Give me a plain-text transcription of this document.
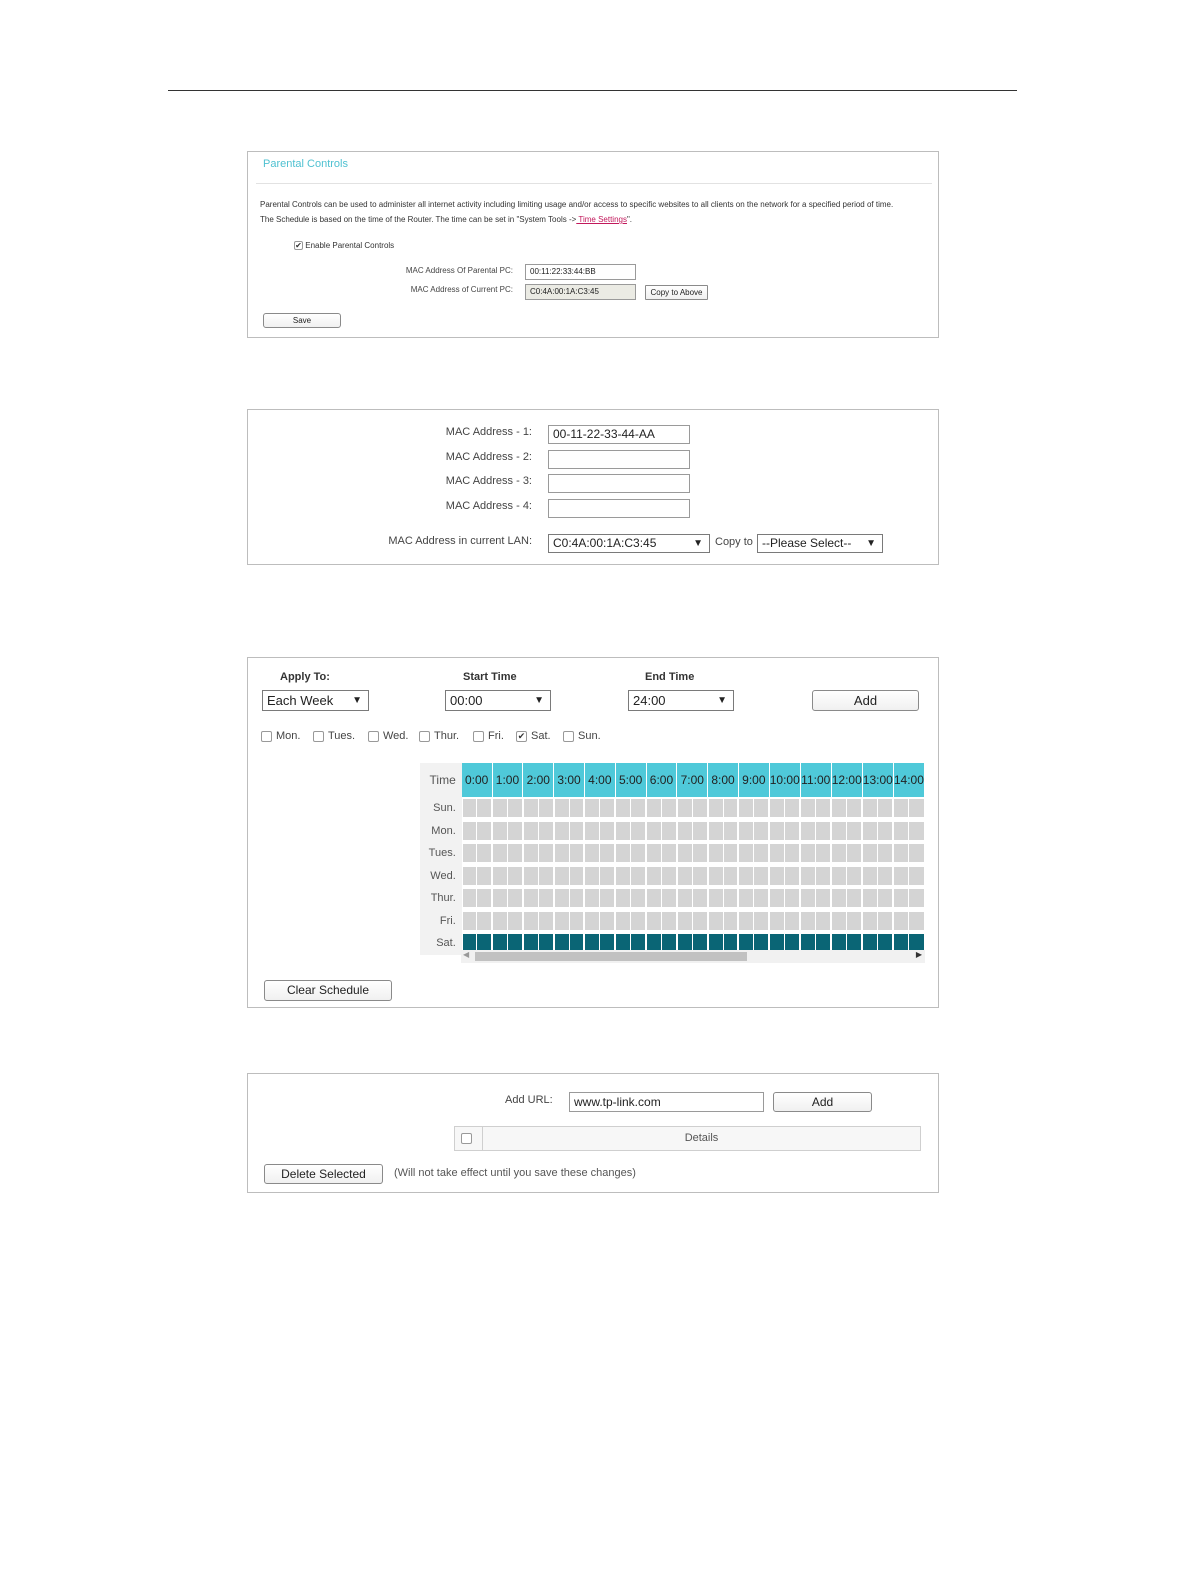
Parental Controls
Parental Controls can be used to administer all internet activity including limiting usage and/or access to specific websites to all clients on the network for a specified period of time.
The Schedule is based on the time of the Router. The time can be set in "System Tools -> Time Settings".
✔ Enable Parental Controls
MAC Address Of Parental PC:	00:11:22:33:44:BB
MAC Address of Current PC:	C0:4A:00:1A:C3:45	Copy to Above
Save
MAC Address - 1:	00-11-22-33-44-AA
MAC Address - 2:
MAC Address - 3:
MAC Address - 4:
MAC Address in current LAN:	C0:4A:00:1A:C3:45	▼ Copy to --Please Select-- ▼
Apply To:
Each Week ▼
Start Time
00:00	▼
End Time
24:00	▼	Add
Mon.	Tues.	Wed.	Thur.	Fri. ✔ Sat.	Sun.
Time	0:00	1:00	2:00	3:00	4:00	5:00	6:00	7:00	8:00	9:00	10:00	11:00	12:00	13:00	14:00
Sun.	

Mon.	

Tues.	

Wed.	

Thur.	

Fri.	

Sat.	

◀	▶
Clear Schedule
Add URL:	www.tp-link.com	Add
Details
Delete Selected	(Will not take effect until you save these changes)
